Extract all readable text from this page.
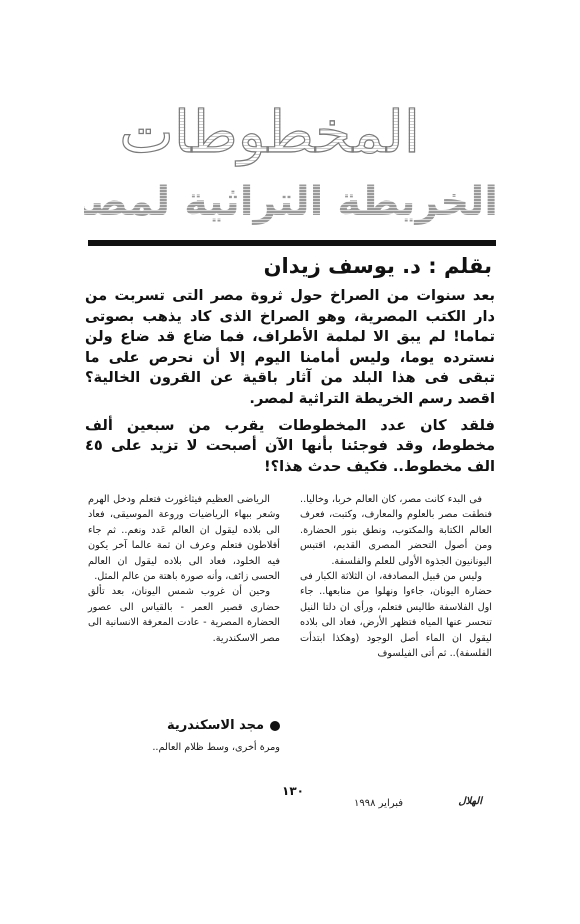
المخطوطات
الخريطة التراثية لمصر
بقلم : د. يوسف زيدان

بعد سنوات من الصراخ حول ثروة مصر التى تسربت من دار الكتب المصرية، وهو الصراخ الذى كاد يذهب بصوتى تماما! لم يبق الا لملمة الأطراف، فما ضاع قد ضاع ولن نسترده يوما، وليس أمامنا اليوم إلا أن نحرص على ما تبقى فى هذا البلد من آثار باقية عن القرون الخالية؟ اقصد رسم الخريطة التراثية لمصر.

فلقد كان عدد المخطوطات يقرب من سبعين ألف مخطوط، وقد فوجئنا بأنها الآن أصبحت لا تزيد على ٤٥ الف مخطوط.. فكيف حدث هذا؟!

فى البدء كانت مصر، كان العالم خربا، وخاليا.. فنطقت مصر بالعلوم والمعارف، وكتبت، فعرف العالم الكتابة والمكتوب، ونطق بنور الحضارة. ومن أصول التحضر المصرى القديم، اقتبس اليونانيون الجذوة الأولى للعلم والفلسفة.

وليس من قبيل المصادفة، ان الثلاثة الكبار فى حضارة اليونان، جاءوا ونهلوا من منابعها.. جاء اول الفلاسفة طاليس فتعلم، ورأى ان دلتا النيل تنحسر عنها المياه فتظهر الأرض، فعاد الى بلاده ليقول ان الماء أصل الوجود (وهكذا ابتدأت الفلسفة).. ثم أتى الفيلسوف

الرياضى العظيم فيثاغورث فتعلم ودخل الهرم وشعر ببهاء الرياضيات وروعة الموسيقى، فعاد الى بلاده ليقول ان العالم عَدد ونغم.. ثم جاء أفلاطون فتعلم وعرف ان ثمة عالما آخر يكون فيه الخلود، فعاد الى بلاده ليقول ان العالم الحسى زائف، وأنه صورة باهتة من عالم المثل.

وحين أن غروب شمس اليونان، بعد تألق حضارى قصير العمر - بالقياس الى عصور الحضارة المصرية - عادت المعرفة الانسانية الى مصر الاسكندرية.

مجد الاسكندرية
ومرة أخرى، وسط ظلام العالم..
١٣٠
فبراير ١٩٩٨	الهلال
